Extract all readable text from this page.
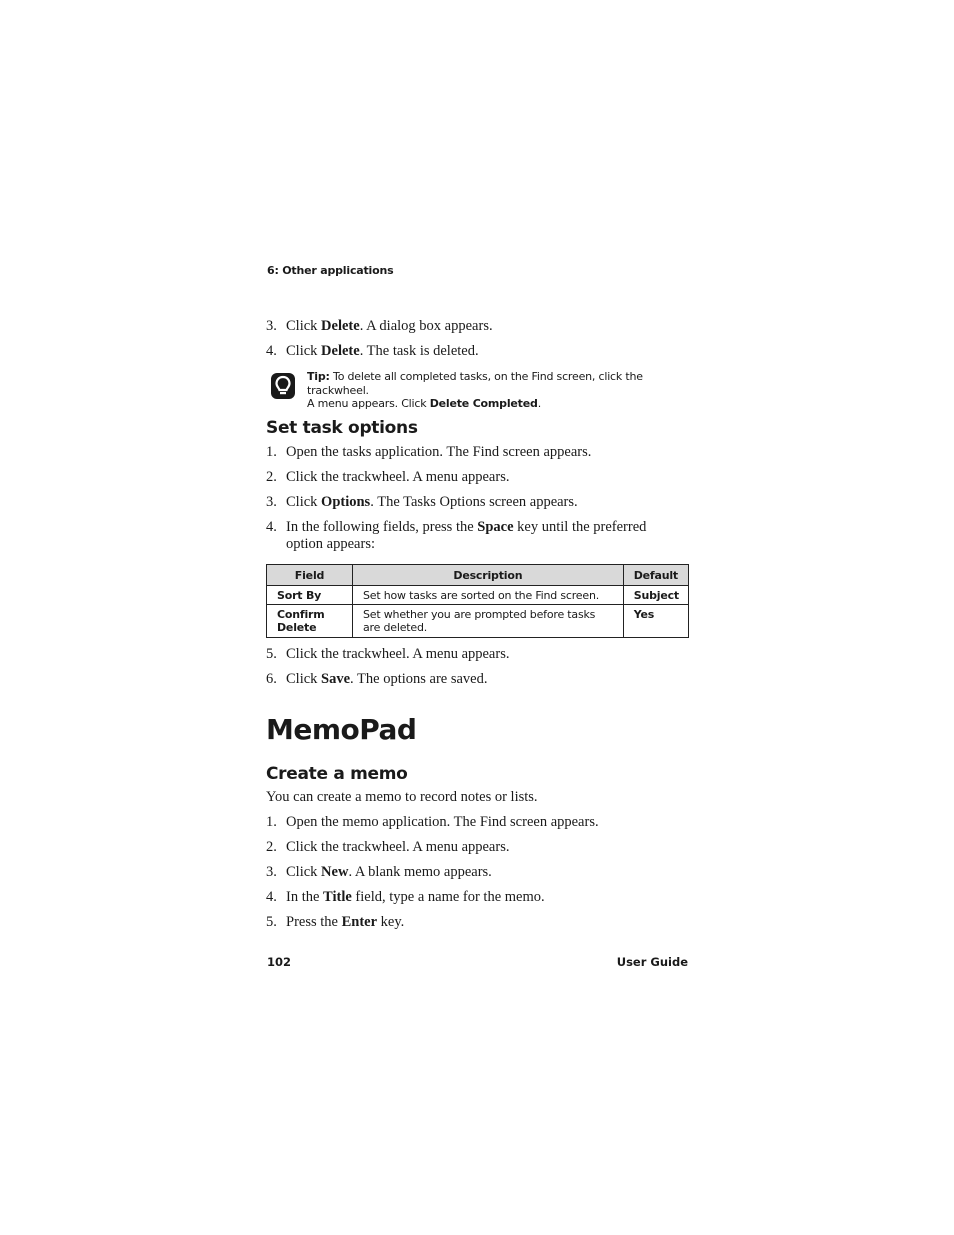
6: Other applications
3. Click Delete. A dialog box appears.
4. Click Delete. The task is deleted.
Tip: To delete all completed tasks, on the Find screen, click the trackwheel.
A menu appears. Click Delete Completed.
Set task options
1. Open the tasks application. The Find screen appears.
2. Click the trackwheel. A menu appears.
3. Click Options. The Tasks Options screen appears.
4. In the following fields, press the Space key until the preferred option appears:
Field	Description	Default
Sort By	Set how tasks are sorted on the Find screen.	Subject
Confirm Delete	Set whether you are prompted before tasks are deleted.	Yes
5. Click the trackwheel. A menu appears.
6. Click Save. The options are saved.
MemoPad
Create a memo
You can create a memo to record notes or lists.
1. Open the memo application. The Find screen appears.
2. Click the trackwheel. A menu appears.
3. Click New. A blank memo appears.
4. In the Title field, type a name for the memo.
5. Press the Enter key.
102	User Guide
